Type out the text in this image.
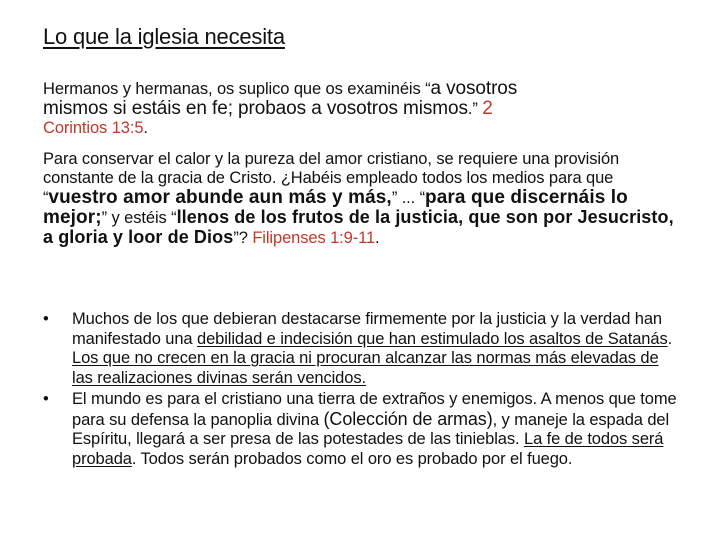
Lo que la iglesia necesita

Hermanos y hermanas, os suplico que os examinéis “a vosotros
mismos si estáis en fe; probaos a vosotros mismos.” 2
Corintios 13:5.

Para conservar el calor y la pureza del amor cristiano, se requiere una provisión constante de la gracia de Cristo. ¿Habéis empleado todos los medios para que “vuestro amor abunde aun más y más,” ... “para que discernáis lo mejor;” y estéis “llenos de los frutos de la justicia, que son por Jesucristo, a gloria y loor de Dios”? Filipenses 1:9-11.

• Muchos de los que debieran destacarse firmemente por la justicia y la verdad han manifestado una debilidad e indecisión que han estimulado los asaltos de Satanás. Los que no crecen en la gracia ni procuran alcanzar las normas más elevadas de las realizaciones divinas serán vencidos.
• El mundo es para el cristiano una tierra de extraños y enemigos. A menos que tome para su defensa la panoplia divina (Colección de armas), y maneje la espada del Espíritu, llegará a ser presa de las potestades de las tinieblas. La fe de todos será probada. Todos serán probados como el oro es probado por el fuego.
